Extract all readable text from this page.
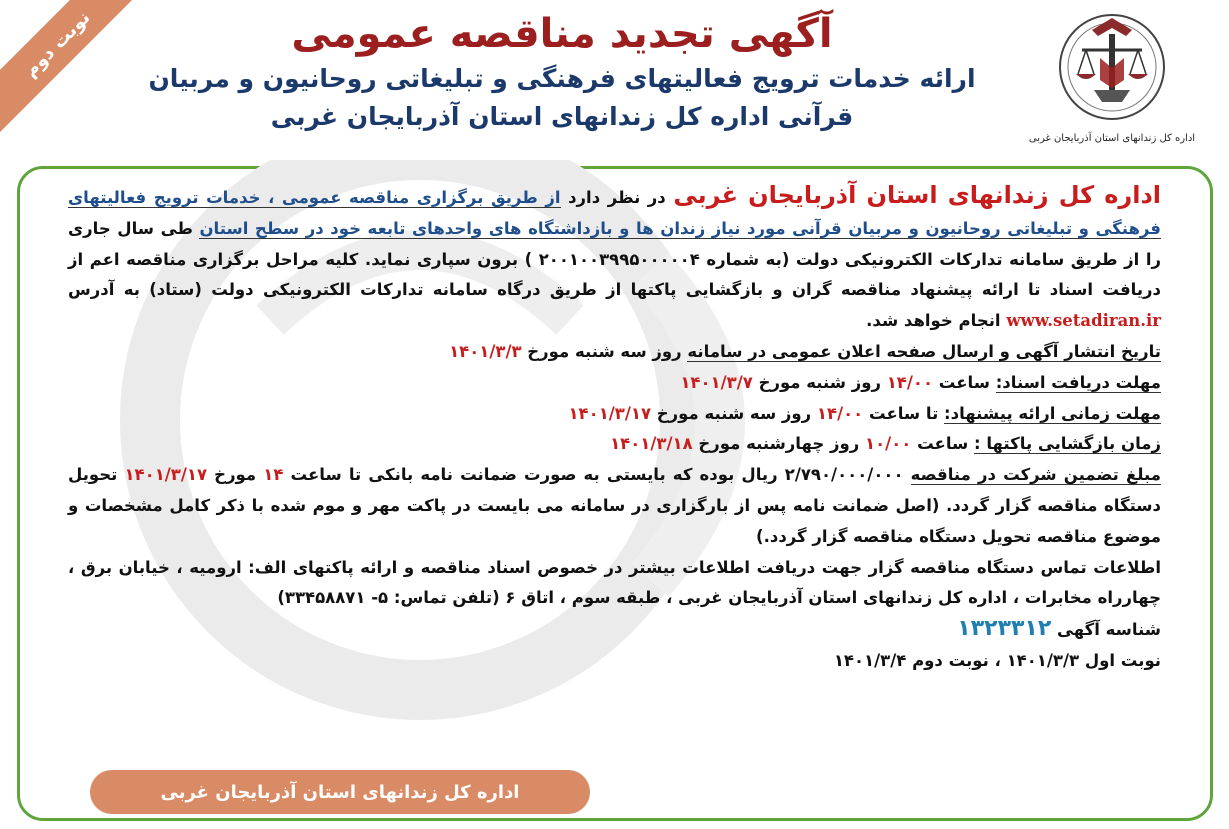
نوبت دوم
اداره کل زندانهای استان آذربایجان غربی
آگهی تجدید مناقصه عمومی
ارائه خدمات ترویج فعالیتهای فرهنگی و تبلیغاتی روحانیون و مربیان
قرآنی اداره کل زندانهای استان آذربایجان غربی

اداره کل زندانهای استان آذربایجان غربی در نظر دارد از طریق برگزاری مناقصه عمومی ، خدمات ترویج فعالیتهای فرهنگی و تبلیغاتی روحانیون و مربیان قرآنی مورد نیاز زندان ها و بازداشتگاه های واحدهای تابعه خود در سطح استان طی سال جاری را از طریق سامانه تدارکات الکترونیکی دولت (به شماره ۲۰۰۱۰۰۳۹۹۵۰۰۰۰۰۴ ) برون سپاری نماید. کلیه مراحل برگزاری مناقصه اعم از دریافت اسناد تا ارائه پیشنهاد مناقصه گران و بازگشایی پاکتها از طریق درگاه سامانه تدارکات الکترونیکی دولت (ستاد) به آدرس www.setadiran.ir انجام خواهد شد.

تاریخ انتشار آگهی و ارسال صفحه اعلان عمومی در سامانه روز سه شنبه مورخ ۱۴۰۱/۳/۳

مهلت دریافت اسناد: ساعت ۱۴/۰۰ روز شنبه مورخ ۱۴۰۱/۳/۷

مهلت زمانی ارائه پیشنهاد: تا ساعت ۱۴/۰۰ روز سه شنبه مورخ ۱۴۰۱/۳/۱۷

زمان بازگشایی پاکتها : ساعت ۱۰/۰۰ روز چهارشنبه مورخ ۱۴۰۱/۳/۱۸

مبلغ تضمین شرکت در مناقصه ۲/۷۹۰/۰۰۰/۰۰۰ ریال بوده که بایستی به صورت ضمانت نامه بانکی تا ساعت ۱۴ مورخ ۱۴۰۱/۳/۱۷ تحویل دستگاه مناقصه گزار گردد. (اصل ضمانت نامه پس از بارگزاری در سامانه می بایست در پاکت مهر و موم شده با ذکر کامل مشخصات و موضوع مناقصه تحویل دستگاه مناقصه گزار گردد.)

اطلاعات تماس دستگاه مناقصه گزار جهت دریافت اطلاعات بیشتر در خصوص اسناد مناقصه و ارائه پاکتهای الف: ارومیه ، خیابان برق ، چهارراه مخابرات ، اداره کل زندانهای استان آذربایجان غربی ، طبقه سوم ، اتاق ۶ (تلفن تماس: ۵- ۳۳۴۵۸۸۷۱)

شناسه آگهی ۱۳۲۳۳۱۲

نوبت اول ۱۴۰۱/۳/۳ ، نوبت دوم ۱۴۰۱/۳/۴

اداره کل زندانهای استان آذربایجان غربی
